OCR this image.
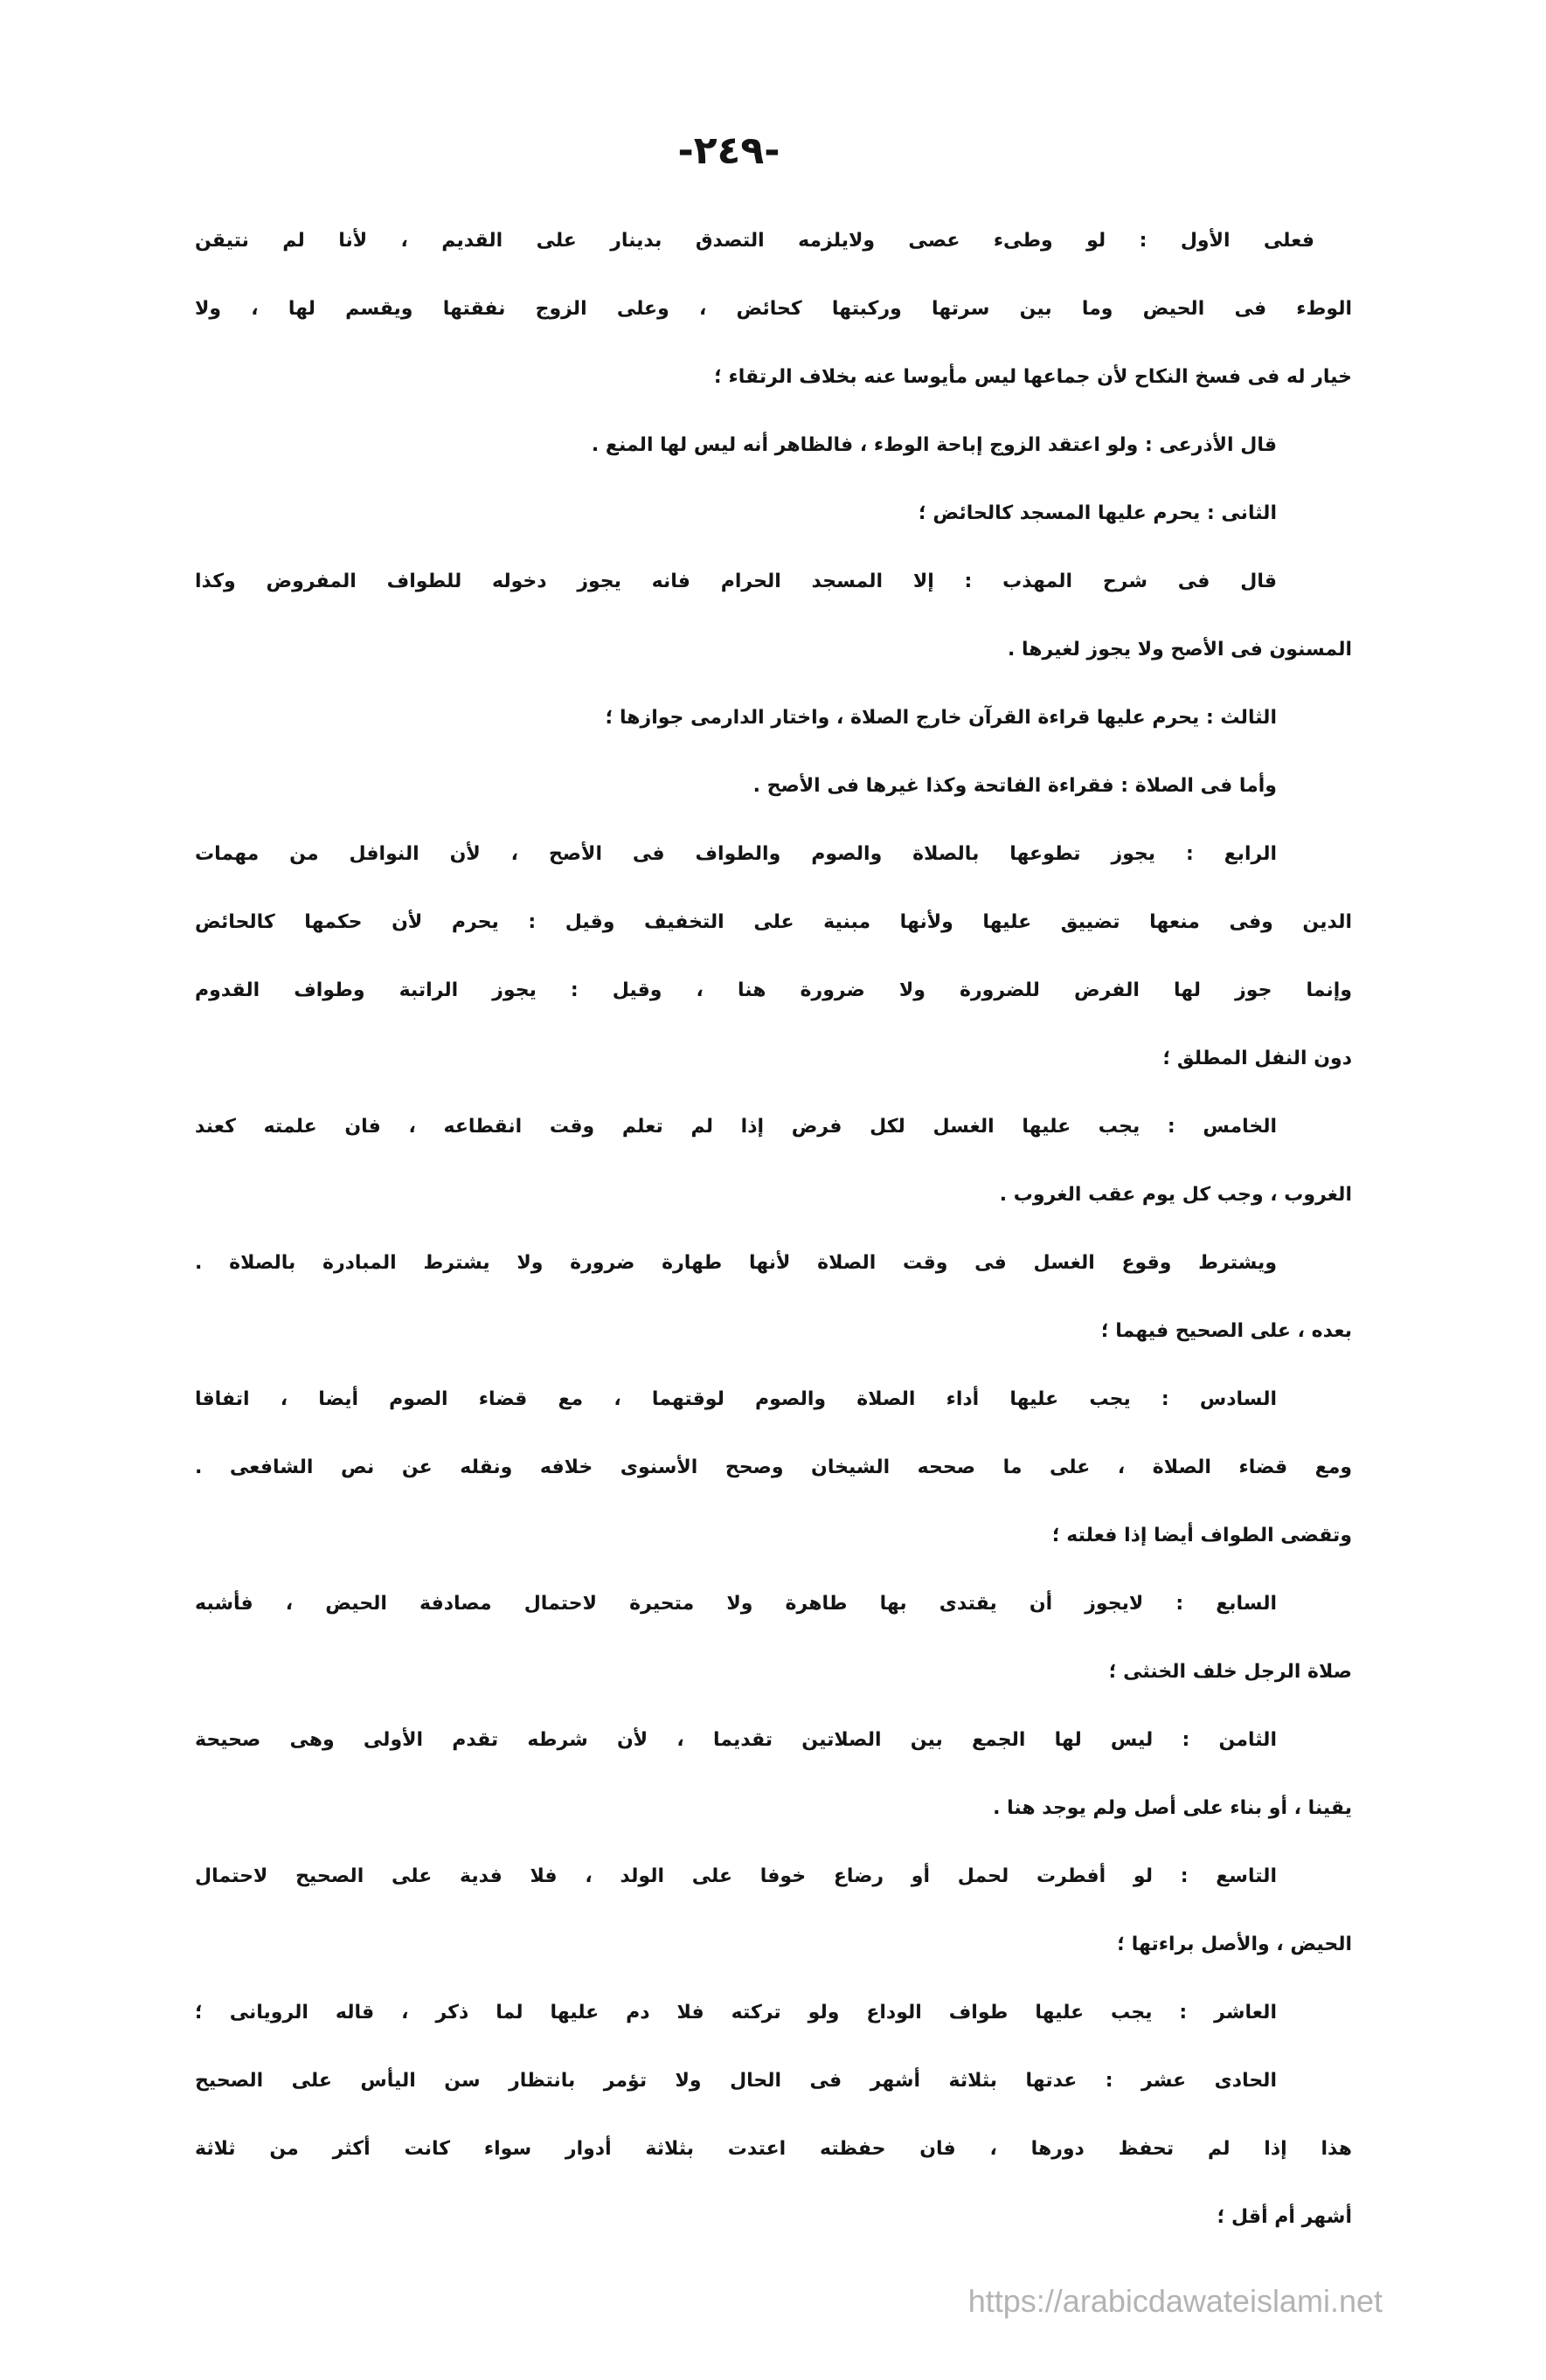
-٢٤٩-
فعلى الأول : لو وطىء عصى ولايلزمه التصدق بدينار على القديم ، لأنا لم نتيقن
الوطء فى الحيض وما بين سرتها وركبتها كحائض ، وعلى الزوج نفقتها ويقسم لها ، ولا
خيار له فى فسخ النكاح لأن جماعها ليس مأيوسا عنه بخلاف الرتقاء ؛
قال الأذرعى : ولو اعتقد الزوج إباحة الوطء ، فالظاهر أنه ليس لها المنع .
الثانى : يحرم عليها المسجد كالحائض ؛
قال فى شرح المهذب : إلا المسجد الحرام فانه يجوز دخوله للطواف المفروض وكذا
المسنون فى الأصح ولا يجوز لغيرها .
الثالث : يحرم عليها قراءة القرآن خارج الصلاة ، واختار الدارمى جوازها ؛
وأما فى الصلاة : فقراءة الفاتحة وكذا غيرها فى الأصح .
الرابع : يجوز تطوعها بالصلاة والصوم والطواف فى الأصح ، لأن النوافل من مهمات
الدين وفى منعها تضييق عليها ولأنها مبنية على التخفيف وقيل : يحرم لأن حكمها كالحائض
وإنما جوز لها الفرض للضرورة ولا ضرورة هنا ، وقيل : يجوز الراتبة وطواف القدوم
دون النفل المطلق ؛
الخامس : يجب عليها الغسل لكل فرض إذا لم تعلم وقت انقطاعه ، فان علمته كعند
الغروب ، وجب كل يوم عقب الغروب .
ويشترط وقوع الغسل فى وقت الصلاة لأنها طهارة ضرورة ولا يشترط المبادرة بالصلاة .
بعده ، على الصحيح فيهما ؛
السادس : يجب عليها أداء الصلاة والصوم لوقتهما ، مع قضاء الصوم أيضا ، اتفاقا
ومع قضاء الصلاة ، على ما صححه الشيخان وصحح الأسنوى خلافه ونقله عن نص الشافعى .
وتقضى الطواف أيضا إذا فعلته ؛
السابع : لايجوز أن يقتدى بها طاهرة ولا متحيرة لاحتمال مصادفة الحيض ، فأشبه
صلاة الرجل خلف الخنثى ؛
الثامن : ليس لها الجمع بين الصلاتين تقديما ، لأن شرطه تقدم الأولى وهى صحيحة
يقينا ، أو بناء على أصل ولم يوجد هنا .
التاسع : لو أفطرت لحمل أو رضاع خوفا على الولد ، فلا فدية على الصحيح لاحتمال
الحيض ، والأصل براءتها ؛
العاشر : يجب عليها طواف الوداع ولو تركته فلا دم عليها لما ذكر ، قاله الرويانى ؛
الحادى عشر : عدتها بثلاثة أشهر فى الحال ولا تؤمر بانتظار سن اليأس على الصحيح
هذا إذا لم تحفظ دورها ، فان حفظته اعتدت بثلاثة أدوار سواء كانت أكثر من ثلاثة
أشهر أم أقل ؛
https://arabicdawateislami.net
